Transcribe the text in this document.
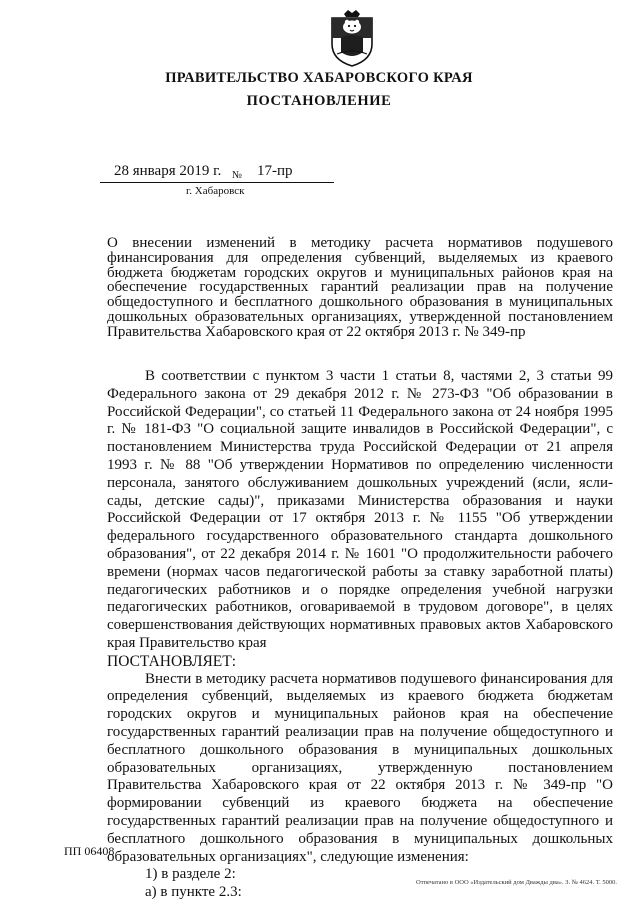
ПРАВИТЕЛЬСТВО ХАБАРОВСКОГО КРАЯ
ПОСТАНОВЛЕНИЕ
28 января 2019 г. № 17-пр
г. Хабаровск
О внесении изменений в методику расчета нормативов подушевого финансирования для определения субвенций, выделяемых из краевого бюджета бюджетам городских округов и муниципальных районов края на обеспечение государственных гарантий реализации прав на получение общедоступного и бесплатного дошкольного образования в муниципальных дошкольных образовательных организациях, утвержденной постановлением Правительства Хабаровского края от 22 октября 2013 г. № 349-пр

В соответствии с пунктом 3 части 1 статьи 8, частями 2, 3 статьи 99 Федерального закона от 29 декабря 2012 г. № 273-ФЗ "Об образовании в Российской Федерации", со статьей 11 Федерального закона от 24 ноября 1995 г. № 181-ФЗ "О социальной защите инвалидов в Российской Федерации", с постановлением Министерства труда Российской Федерации от 21 апреля 1993 г. № 88 "Об утверждении Нормативов по определению численности персонала, занятого обслуживанием дошкольных учреждений (ясли, ясли-сады, детские сады)", приказами Министерства образования и науки Российской Федерации от 17 октября 2013 г. № 1155 "Об утверждении федерального государственного образовательного стандарта дошкольного образования", от 22 декабря 2014 г. № 1601 "О продолжительности рабочего времени (нормах часов педагогической работы за ставку заработной платы) педагогических работников и о порядке определения учебной нагрузки педагогических работников, оговариваемой в трудовом договоре", в целях совершенствования действующих нормативных правовых актов Хабаровского края Правительство края

ПОСТАНОВЛЯЕТ:

Внести в методику расчета нормативов подушевого финансирования для определения субвенций, выделяемых из краевого бюджета бюджетам городских округов и муниципальных районов края на обеспечение государственных гарантий реализации прав на получение общедоступного и бесплатного дошкольного образования в муниципальных дошкольных образовательных организациях, утвержденную постановлением Правительства Хабаровского края от 22 октября 2013 г. № 349-пр "О формировании субвенций из краевого бюджета на обеспечение государственных гарантий реализации прав на получение общедоступного и бесплатного дошкольного образования в муниципальных дошкольных образовательных организациях", следующие изменения:

1) в разделе 2:

а) в пункте 2.3:

ПП 06408
Отпечатано в ООО «Издательский дом Дважды два». З. № 4624. Т. 5000.
